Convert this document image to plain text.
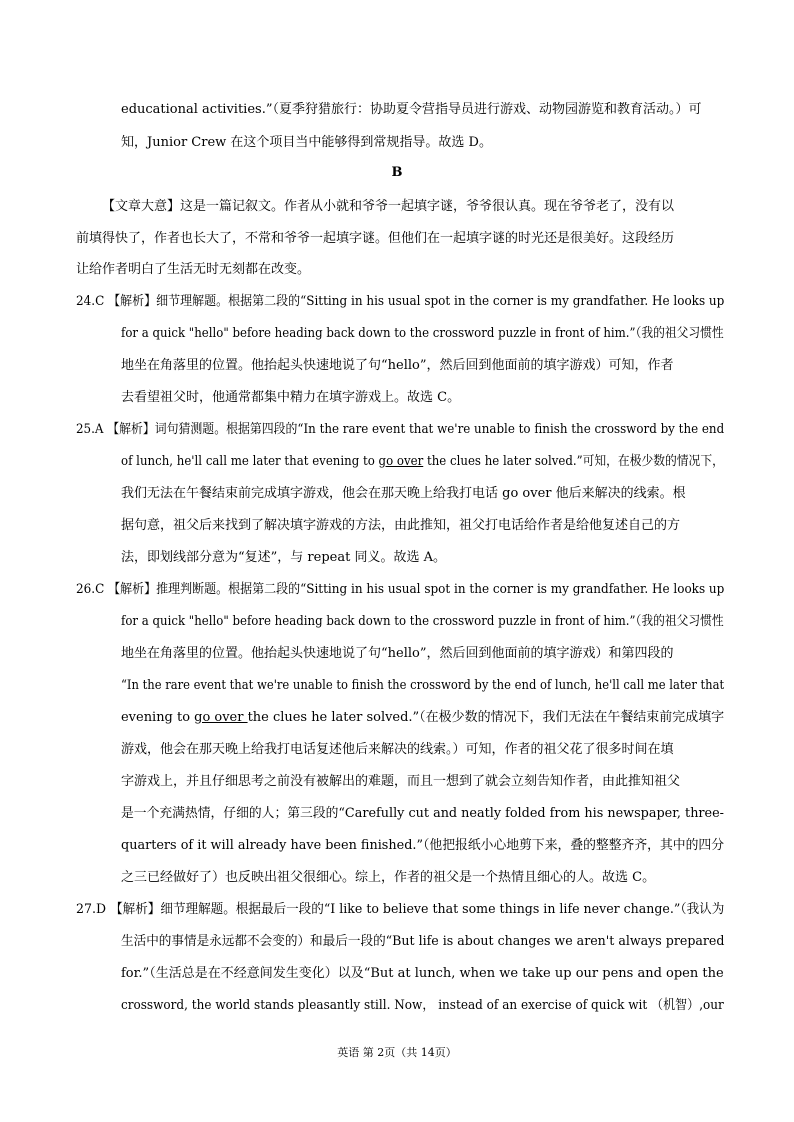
educational activities.”（夏季狩猎旅行：协助夏令营指导员进行游戏、动物园游览和教育活动。）可
知，Junior Crew 在这个项目当中能够得到常规指导。故选 D。
B
【文章大意】这是一篇记叙文。作者从小就和爷爷一起填字谜，爷爷很认真。现在爷爷老了，没有以
前填得快了，作者也长大了，不常和爷爷一起填字谜。但他们在一起填字谜的时光还是很美好。这段经历
让给作者明白了生活无时无刻都在改变。
24.C 【解析】细节理解题。根据第二段的“Sitting in his usual spot in the corner is my grandfather. He looks up
for a quick "hello" before heading back down to the crossword puzzle in front of him.”（我的祖父习惯性
地坐在角落里的位置。他抬起头快速地说了句“hello”，然后回到他面前的填字游戏）可知，作者
去看望祖父时，他通常都集中精力在填字游戏上。故选 C。
25.A 【解析】词句猜测题。根据第四段的“In the rare event that we're unable to finish the crossword by the end
of lunch, he'll call me later that evening to go over the clues he later solved.”可知，在极少数的情况下，
我们无法在午餐结束前完成填字游戏，他会在那天晚上给我打电话 go over 他后来解决的线索。根
据句意，祖父后来找到了解决填字游戏的方法，由此推知，祖父打电话给作者是给他复述自己的方
法，即划线部分意为“复述”，与 repeat 同义。故选 A。
26.C 【解析】推理判断题。根据第二段的“Sitting in his usual spot in the corner is my grandfather. He looks up
for a quick "hello" before heading back down to the crossword puzzle in front of him.”（我的祖父习惯性
地坐在角落里的位置。他抬起头快速地说了句“hello”，然后回到他面前的填字游戏）和第四段的
“In the rare event that we're unable to finish the crossword by the end of lunch, he'll call me later that
evening to go over the clues he later solved.”（在极少数的情况下，我们无法在午餐结束前完成填字
游戏，他会在那天晚上给我打电话复述他后来解决的线索。）可知，作者的祖父花了很多时间在填
字游戏上，并且仔细思考之前没有被解出的难题，而且一想到了就会立刻告知作者，由此推知祖父
是一个充满热情，仔细的人；第三段的“Carefully cut and neatly folded from his newspaper, three-
quarters of it will already have been finished.”（他把报纸小心地剪下来，叠的整整齐齐，其中的四分
之三已经做好了）也反映出祖父很细心。综上，作者的祖父是一个热情且细心的人。故选 C。
27.D 【解析】细节理解题。根据最后一段的“I like to believe that some things in life never change.”（我认为
生活中的事情是永远都不会变的）和最后一段的“But life is about changes we aren't always prepared
for.”（生活总是在不经意间发生变化）以及“But at lunch, when we take up our pens and open the
crossword, the world stands pleasantly still. Now， instead of an exercise of quick wit （机智）,our
英语 第 2页（共 14页）
